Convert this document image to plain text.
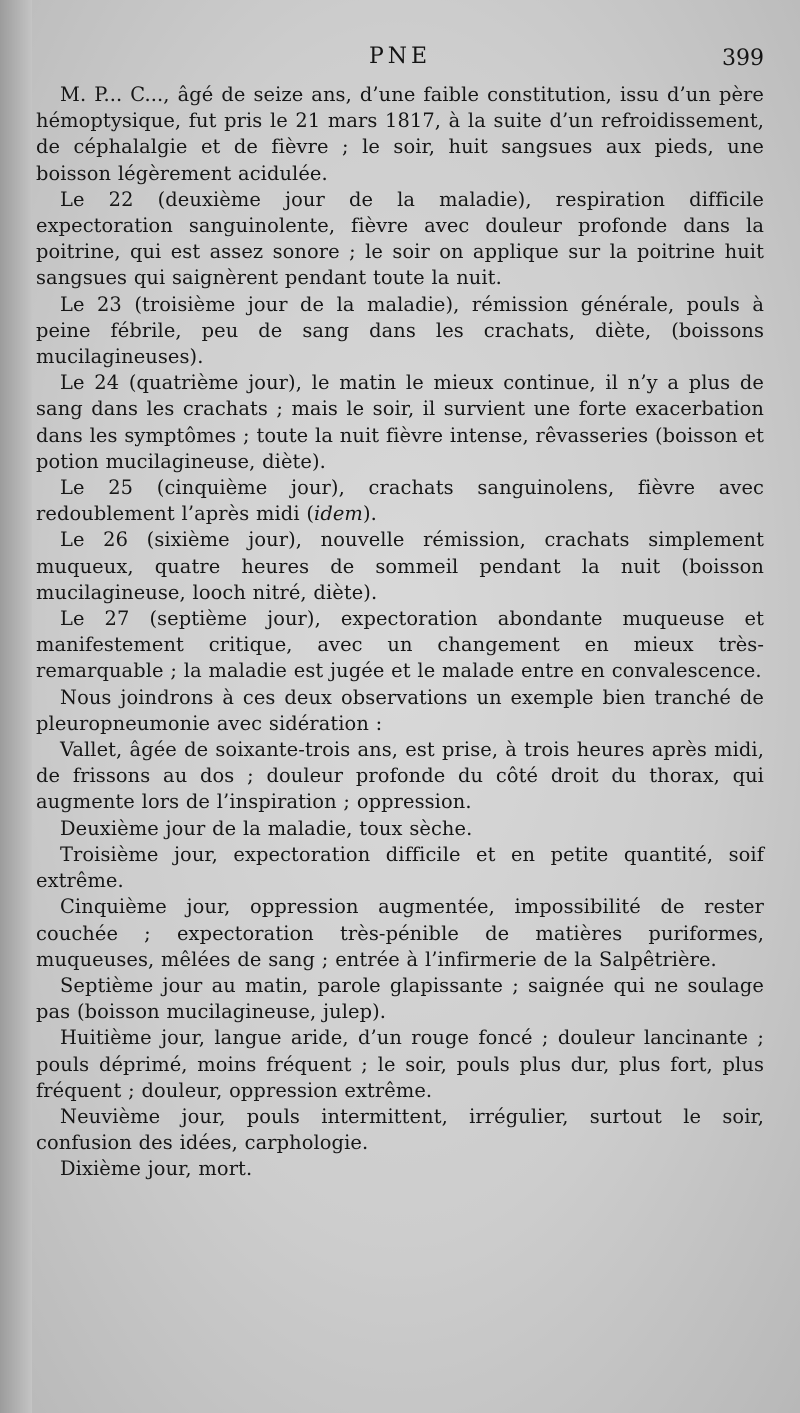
PNE	399

M. P... C..., âgé de seize ans, d’une faible constitution, issu d’un père hémoptysique, fut pris le 21 mars 1817, à la suite d’un refroidissement, de céphalalgie et de fièvre ; le soir, huit sangsues aux pieds, une boisson légèrement acidulée.

Le 22 (deuxième jour de la maladie), respiration difficile expectoration sanguinolente, fièvre avec douleur profonde dans la poitrine, qui est assez sonore ; le soir on applique sur la poitrine huit sangsues qui saignèrent pendant toute la nuit.

Le 23 (troisième jour de la maladie), rémission générale, pouls à peine fébrile, peu de sang dans les crachats, diète, (boissons mucilagineuses).

Le 24 (quatrième jour), le matin le mieux continue, il n’y a plus de sang dans les crachats ; mais le soir, il survient une forte exacerbation dans les symptômes ; toute la nuit fièvre intense, rêvasseries (boisson et potion mucilagineuse, diète).

Le 25 (cinquième jour), crachats sanguinolens, fièvre avec redoublement l’après midi (idem).

Le 26 (sixième jour), nouvelle rémission, crachats simplement muqueux, quatre heures de sommeil pendant la nuit (boisson mucilagineuse, looch nitré, diète).

Le 27 (septième jour), expectoration abondante muqueuse et manifestement critique, avec un changement en mieux très-remarquable ; la maladie est jugée et le malade entre en convalescence.

Nous joindrons à ces deux observations un exemple bien tranché de pleuropneumonie avec sidération :

Vallet, âgée de soixante-trois ans, est prise, à trois heures après midi, de frissons au dos ; douleur profonde du côté droit du thorax, qui augmente lors de l’inspiration ; oppression.

Deuxième jour de la maladie, toux sèche.

Troisième jour, expectoration difficile et en petite quantité, soif extrême.

Cinquième jour, oppression augmentée, impossibilité de rester couchée ; expectoration très-pénible de matières puriformes, muqueuses, mêlées de sang ; entrée à l’infirmerie de la Salpêtrière.

Septième jour au matin, parole glapissante ; saignée qui ne soulage pas (boisson mucilagineuse, julep).

Huitième jour, langue aride, d’un rouge foncé ; douleur lancinante ; pouls déprimé, moins fréquent ; le soir, pouls plus dur, plus fort, plus fréquent ; douleur, oppression extrême.

Neuvième jour, pouls intermittent, irrégulier, surtout le soir, confusion des idées, carphologie.

Dixième jour, mort.
